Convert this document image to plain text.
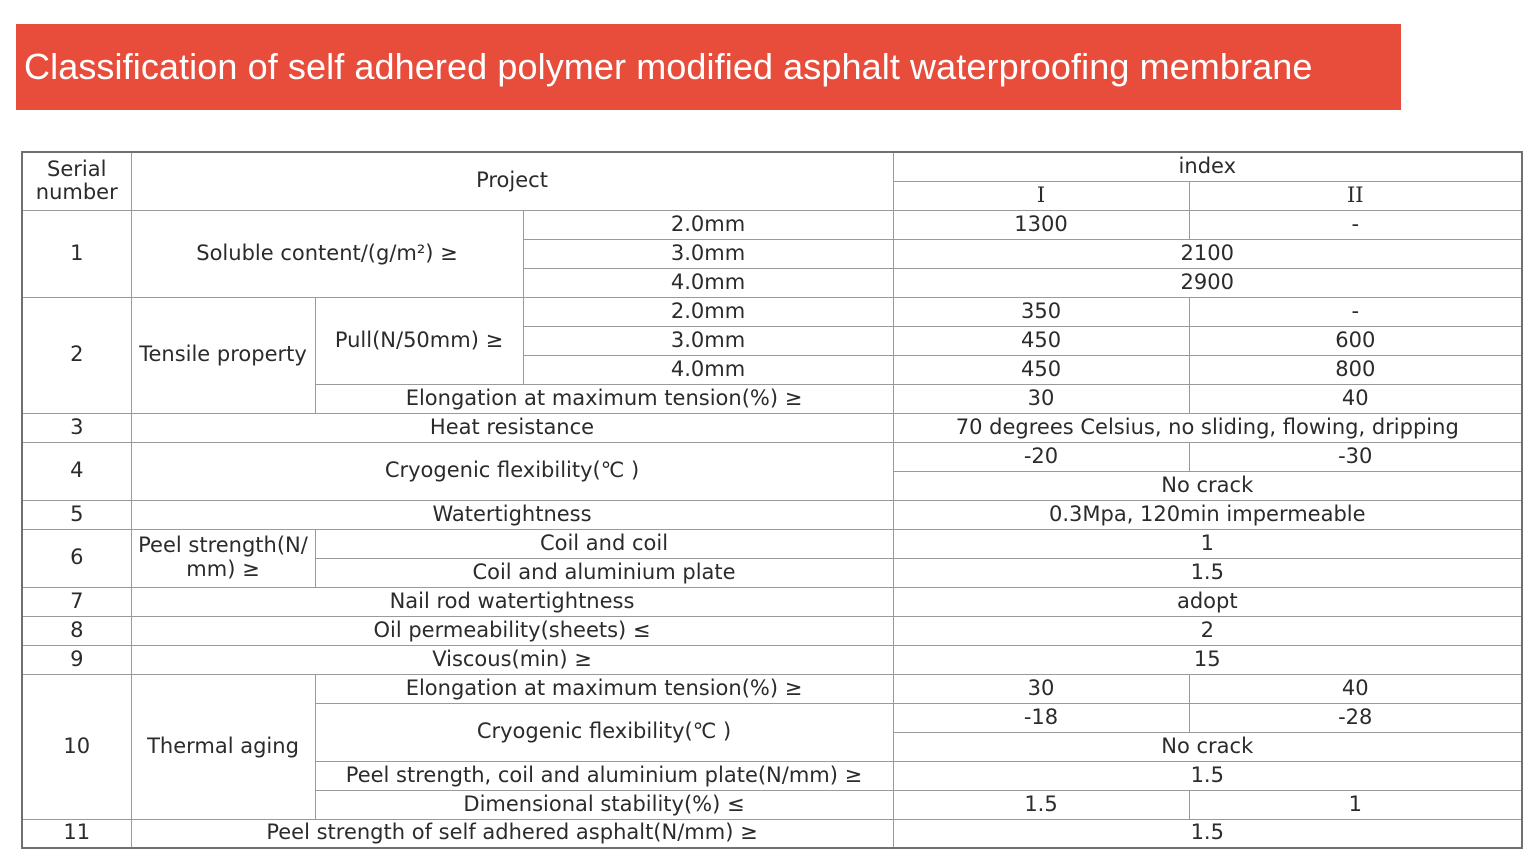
Classification of self adhered polymer modified asphalt waterproofing membrane
Serial number	Project			index	
				I	II
1	Soluble content/(g/m²) ≥		2.0mm	1300	-
			3.0mm	2100	
			4.0mm	2900	
2	Tensile property	Pull(N/50mm) ≥	2.0mm	350	-
			3.0mm	450	600
			4.0mm	450	800
		Elongation at maximum tension(%) ≥		30	40
3	Heat resistance			70 degrees Celsius, no sliding, flowing, dripping	
4	Cryogenic flexibility(℃ )			-20	-30
				No crack	
5	Watertightness			0.3Mpa, 120min impermeable	
6	Peel strength(N/ mm) ≥	Coil and coil		1	
		Coil and aluminium plate		1.5	
7	Nail rod watertightness			adopt	
8	Oil permeability(sheets) ≤			2	
9	Viscous(min) ≥			15	
10	Thermal aging	Elongation at maximum tension(%) ≥		30	40
		Cryogenic flexibility(℃ )		-18	-28
				No crack	
		Peel strength, coil and aluminium plate(N/mm) ≥		1.5	
		Dimensional stability(%) ≤		1.5	1
11	Peel strength of self adhered asphalt(N/mm) ≥			1.5	
